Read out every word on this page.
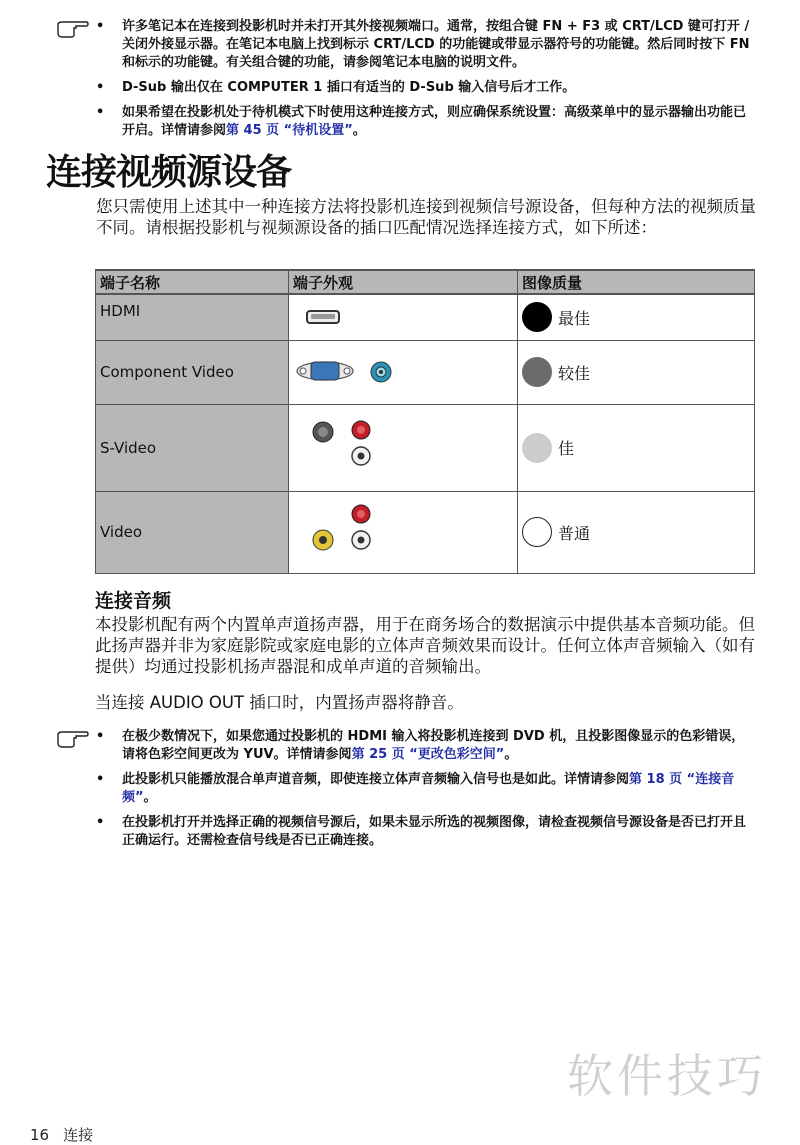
• 许多笔记本在连接到投影机时并未打开其外接视频端口。通常，按组合键 FN + F3 或 CRT/LCD 键可打开 / 关闭外接显示器。在笔记本电脑上找到标示 CRT/LCD 的功能键或带显示器符号的功能键。然后同时按下 FN 和标示的功能键。有关组合键的功能，请参阅笔记本电脑的说明文件。
• D-Sub 输出仅在 COMPUTER 1 插口有适当的 D-Sub 输入信号后才工作。
• 如果希望在投影机处于待机模式下时使用这种连接方式，则应确保系统设置：高级菜单中的显示器输出功能已开启。详情请参阅第 45 页 “待机设置”。
连接视频源设备

您只需使用上述其中一种连接方法将投影机连接到视频信号源设备，但每种方法的视频质量不同。请根据投影机与视频源设备的插口匹配情况选择连接方式，如下所述：

端子名称	端子外观	图像质量
HDMI		最佳

Component Video		较佳

S-Video		佳

Video		普通
连接音频

本投影机配有两个内置单声道扬声器，用于在商务场合的数据演示中提供基本音频功能。但此扬声器并非为家庭影院或家庭电影的立体声音频效果而设计。任何立体声音频输入（如有提供）均通过投影机扬声器混和成单声道的音频输出。

当连接 AUDIO OUT 插口时，内置扬声器将静音。

• 在极少数情况下，如果您通过投影机的 HDMI 输入将投影机连接到 DVD 机，且投影图像显示的色彩错误，请将色彩空间更改为 YUV。详情请参阅第 25 页 “更改色彩空间”。
• 此投影机只能播放混合单声道音频，即使连接立体声音频输入信号也是如此。详情请参阅第 18 页 “连接音频”。
• 在投影机打开并选择正确的视频信号源后，如果未显示所选的视频图像，请检查视频信号源设备是否已打开且正确运行。还需检查信号线是否已正确连接。
软件技巧
16 连接
